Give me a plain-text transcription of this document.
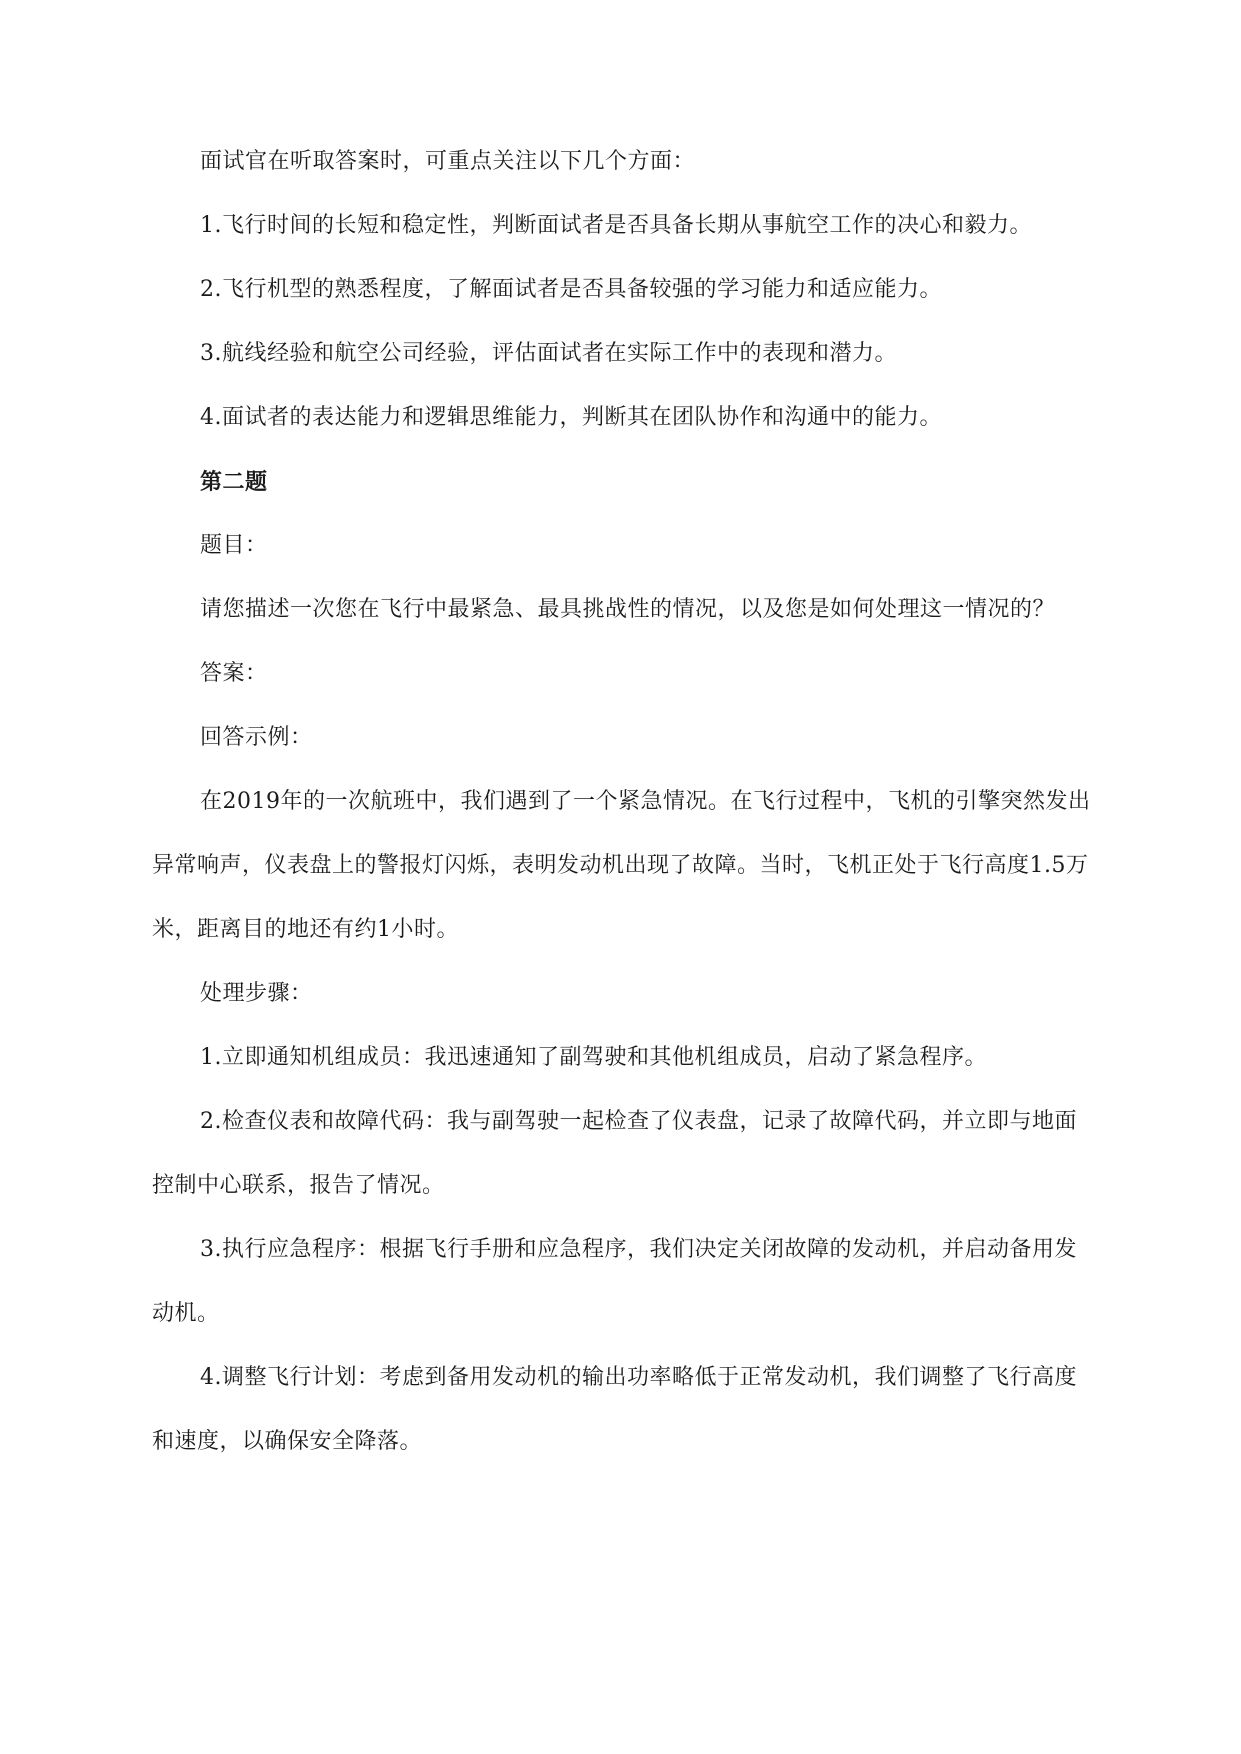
面试官在听取答案时，可重点关注以下几个方面：

1.飞行时间的长短和稳定性，判断面试者是否具备长期从事航空工作的决心和毅力。

2.飞行机型的熟悉程度，了解面试者是否具备较强的学习能力和适应能力。

3.航线经验和航空公司经验，评估面试者在实际工作中的表现和潜力。

4.面试者的表达能力和逻辑思维能力，判断其在团队协作和沟通中的能力。

第二题

题目：

请您描述一次您在飞行中最紧急、最具挑战性的情况，以及您是如何处理这一情况的？

答案：

回答示例：

在2019年的一次航班中，我们遇到了一个紧急情况。在飞行过程中，飞机的引擎突然发出异常响声，仪表盘上的警报灯闪烁，表明发动机出现了故障。当时，飞机正处于飞行高度1.5万米，距离目的地还有约1小时。

处理步骤：

1.立即通知机组成员：我迅速通知了副驾驶和其他机组成员，启动了紧急程序。

2.检查仪表和故障代码：我与副驾驶一起检查了仪表盘，记录了故障代码，并立即与地面控制中心联系，报告了情况。

3.执行应急程序：根据飞行手册和应急程序，我们决定关闭故障的发动机，并启动备用发动机。

4.调整飞行计划：考虑到备用发动机的输出功率略低于正常发动机，我们调整了飞行高度和速度，以确保安全降落。
